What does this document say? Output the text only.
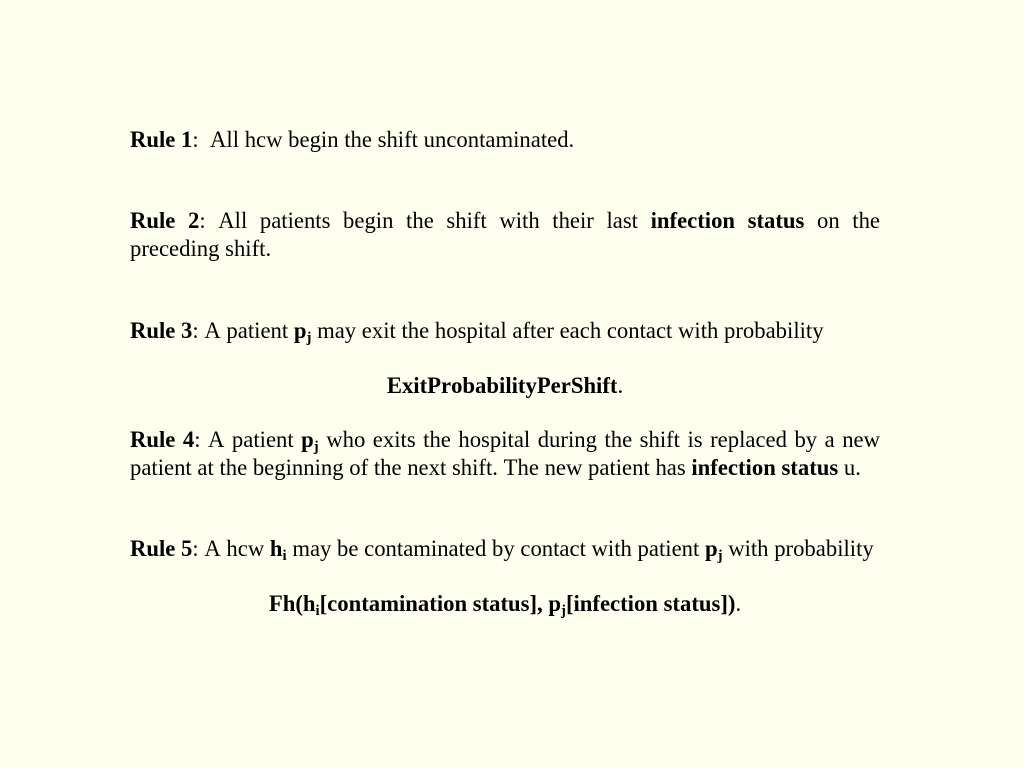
Rule 1:  All hcw begin the shift uncontaminated.

Rule 2: All patients begin the shift with their last infection status on the preceding shift.

Rule 3: A patient $p_j$ may exit the hospital after each contact with probability

ExitProbabilityPerShift.

Rule 4: A patient $p_j$ who exits the hospital during the shift is replaced by a new patient at the beginning of the next shift. The new patient has infection status u.

Rule 5: A hcw $h_i$ may be contaminated by contact with patient $p_j$ with probability

$Fh(h_i[contamination$ status], $p_j[infection$ status]).
